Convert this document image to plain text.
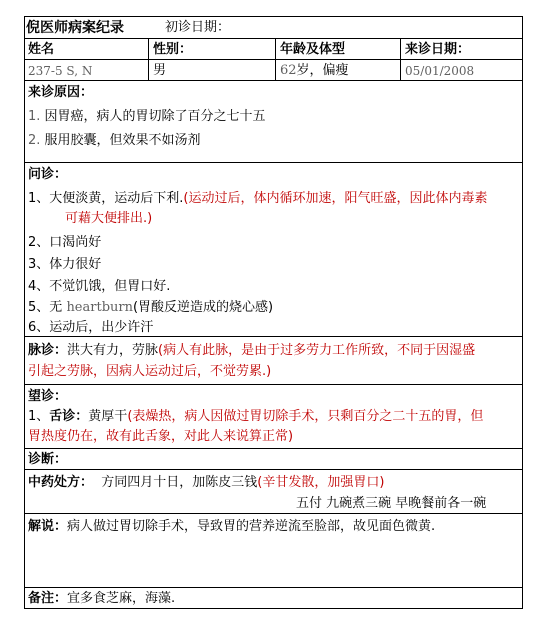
倪医师病案纪录	初诊日期：
姓名	性别：	年龄及体型	来诊日期：
237-5 S, N	男	62岁，偏瘦	05/01/2008
来诊原因：
1. 因胃癌，病人的胃切除了百分之七十五
2. 服用胶囊，但效果不如汤剂
问诊：
1、大便淡黄，运动后下利.(运动过后，体内循环加速，阳气旺盛，因此体内毒素
可藉大便排出.)
2、口渴尚好
3、体力很好
4、不觉饥饿，但胃口好.
5、无 heartburn(胃酸反逆造成的烧心感)
6、运动后，出少许汗
脉诊：洪大有力，劳脉(病人有此脉，是由于过多劳力工作所致，不同于因湿盛
引起之劳脉，因病人运动过后，不觉劳累.)
望诊：
1、舌诊：黄厚干(表燥热，病人因做过胃切除手术，只剩百分之二十五的胃，但
胃热度仍在，故有此舌象，对此人来说算正常)
诊断：
中药处方： 方同四月十日，加陈皮三钱(辛甘发散，加强胃口)
五付 九碗煮三碗 早晚餐前各一碗
解说：病人做过胃切除手术，导致胃的营养逆流至脸部，故见面色微黄.
备注：宜多食芝麻，海藻.
